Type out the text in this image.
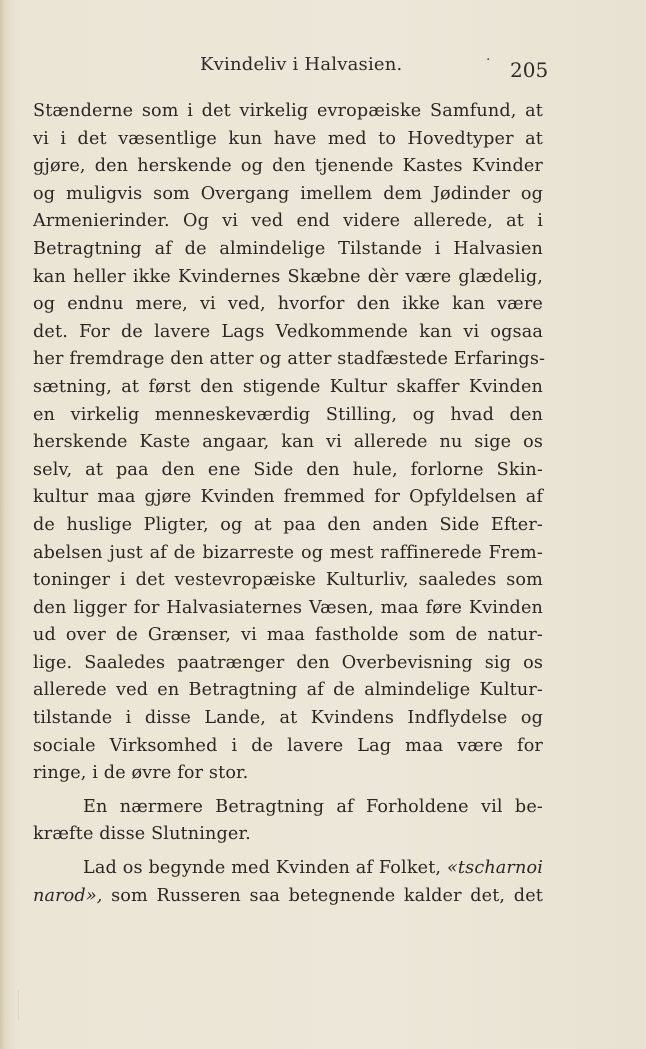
Kvindeliv i Halvasien.	· 205
Stænderne som i det virkelig evropæiske Samfund, at
vi i det væsentlige kun have med to Hovedtyper at
gjøre, den herskende og den tjenende Kastes Kvinder
og muligvis som Overgang imellem dem Jødinder og
Armenierinder. Og vi ved end videre allerede, at i
Betragtning af de almindelige Tilstande i Halvasien
kan heller ikke Kvindernes Skæbne dèr være glædelig,
og endnu mere, vi ved, hvorfor den ikke kan være
det. For de lavere Lags Vedkommende kan vi ogsaa
her fremdrage den atter og atter stadfæstede Erfarings-
sætning, at først den stigende Kultur skaffer Kvinden
en virkelig menneskeværdig Stilling, og hvad den
herskende Kaste angaar, kan vi allerede nu sige os
selv, at paa den ene Side den hule, forlorne Skin-
kultur maa gjøre Kvinden fremmed for Opfyldelsen af
de huslige Pligter, og at paa den anden Side Efter-
abelsen just af de bizarreste og mest raffinerede Frem-
toninger i det vestevropæiske Kulturliv, saaledes som
den ligger for Halvasiaternes Væsen, maa føre Kvinden
ud over de Grænser, vi maa fastholde som de natur-
lige. Saaledes paatrænger den Overbevisning sig os
allerede ved en Betragtning af de almindelige Kultur-
tilstande i disse Lande, at Kvindens Indflydelse og
sociale Virksomhed i de lavere Lag maa være for
ringe, i de øvre for stor.
En nærmere Betragtning af Forholdene vil be-
kræfte disse Slutninger.
Lad os begynde med Kvinden af Folket, «tscharnoi
narod», som Russeren saa betegnende kalder det, det
